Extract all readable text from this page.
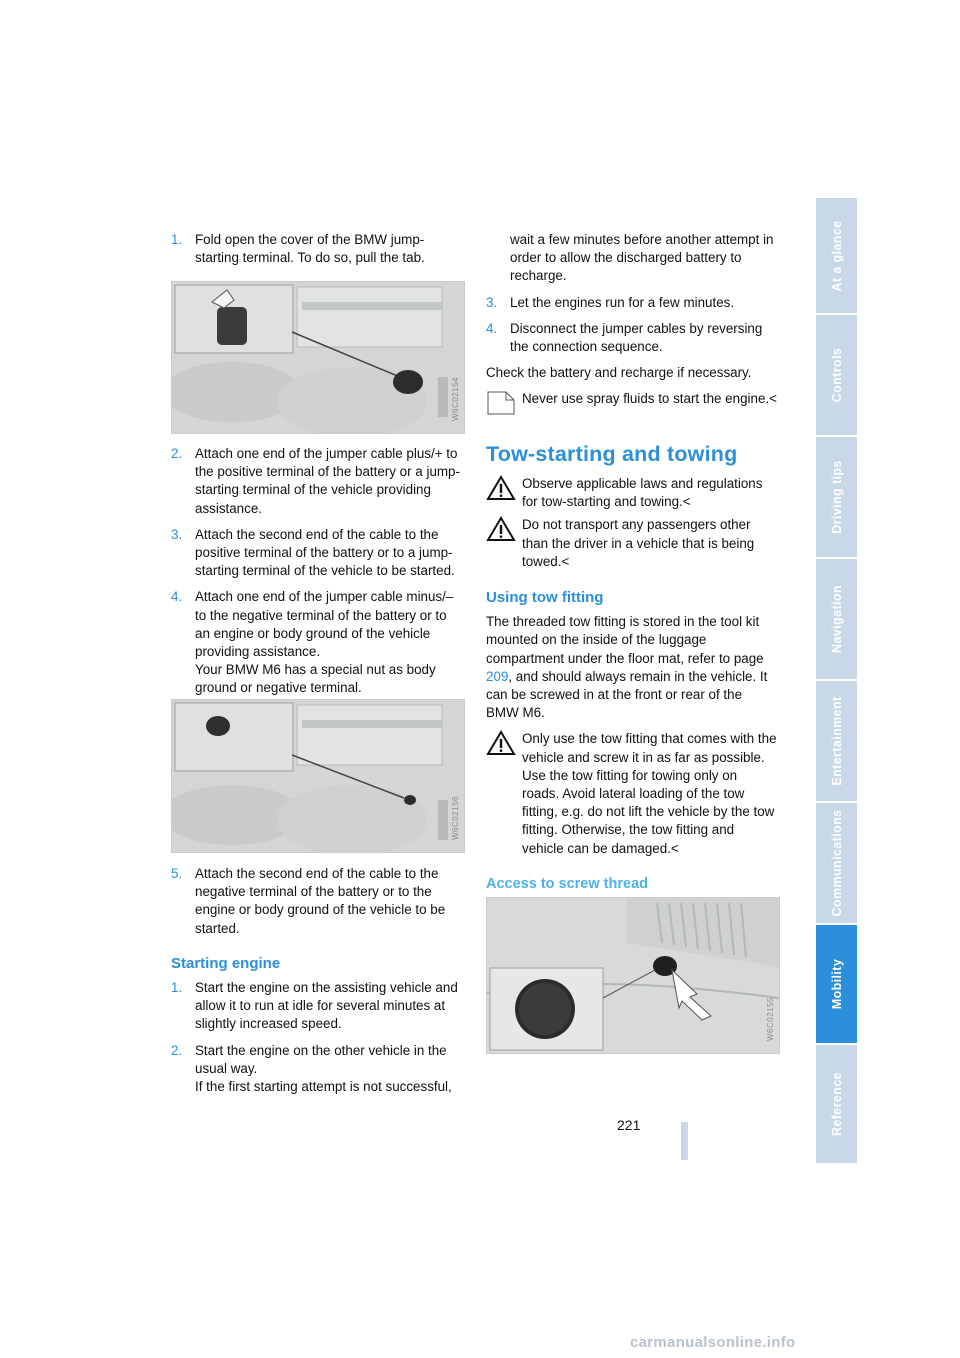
1. Fold open the cover of the BMW jump-starting terminal. To do so, pull the tab.

W6C02154

2. Attach one end of the jumper cable plus/+ to the positive terminal of the battery or a jump-starting terminal of the vehicle providing assistance.

3. Attach the second end of the cable to the positive terminal of the battery or to a jump-starting terminal of the vehicle to be started.

4. Attach one end of the jumper cable minus/– to the negative terminal of the battery or to an engine or body ground of the vehicle providing assistance.
Your BMW M6 has a special nut as body ground or negative terminal.

W6C02156

5. Attach the second end of the cable to the negative terminal of the battery or to the engine or body ground of the vehicle to be started.

Starting engine

1. Start the engine on the assisting vehicle and allow it to run at idle for several minutes at slightly increased speed.

2. Start the engine on the other vehicle in the usual way.
If the first starting attempt is not successful,

wait a few minutes before another attempt in order to allow the discharged battery to recharge.

3. Let the engines run for a few minutes.

4. Disconnect the jumper cables by reversing the connection sequence.

Check the battery and recharge if necessary.

Never use spray fluids to start the engine.<

Tow-starting and towing

Observe applicable laws and regulations for tow-starting and towing.<

Do not transport any passengers other than the driver in a vehicle that is being towed.<

Using tow fitting

The threaded tow fitting is stored in the tool kit mounted on the inside of the luggage compartment under the floor mat, refer to page 209, and should always remain in the vehicle. It can be screwed in at the front or rear of the BMW M6.

Only use the tow fitting that comes with the vehicle and screw it in as far as possible. Use the tow fitting for towing only on roads. Avoid lateral loading of the tow fitting, e.g. do not lift the vehicle by the tow fitting. Otherwise, the tow fitting and vehicle can be damaged.<

Access to screw thread

W6C02155
At a glance
Controls
Driving tips
Navigation
Entertainment
Communications
Mobility
Reference
221
carmanualsonline.info
